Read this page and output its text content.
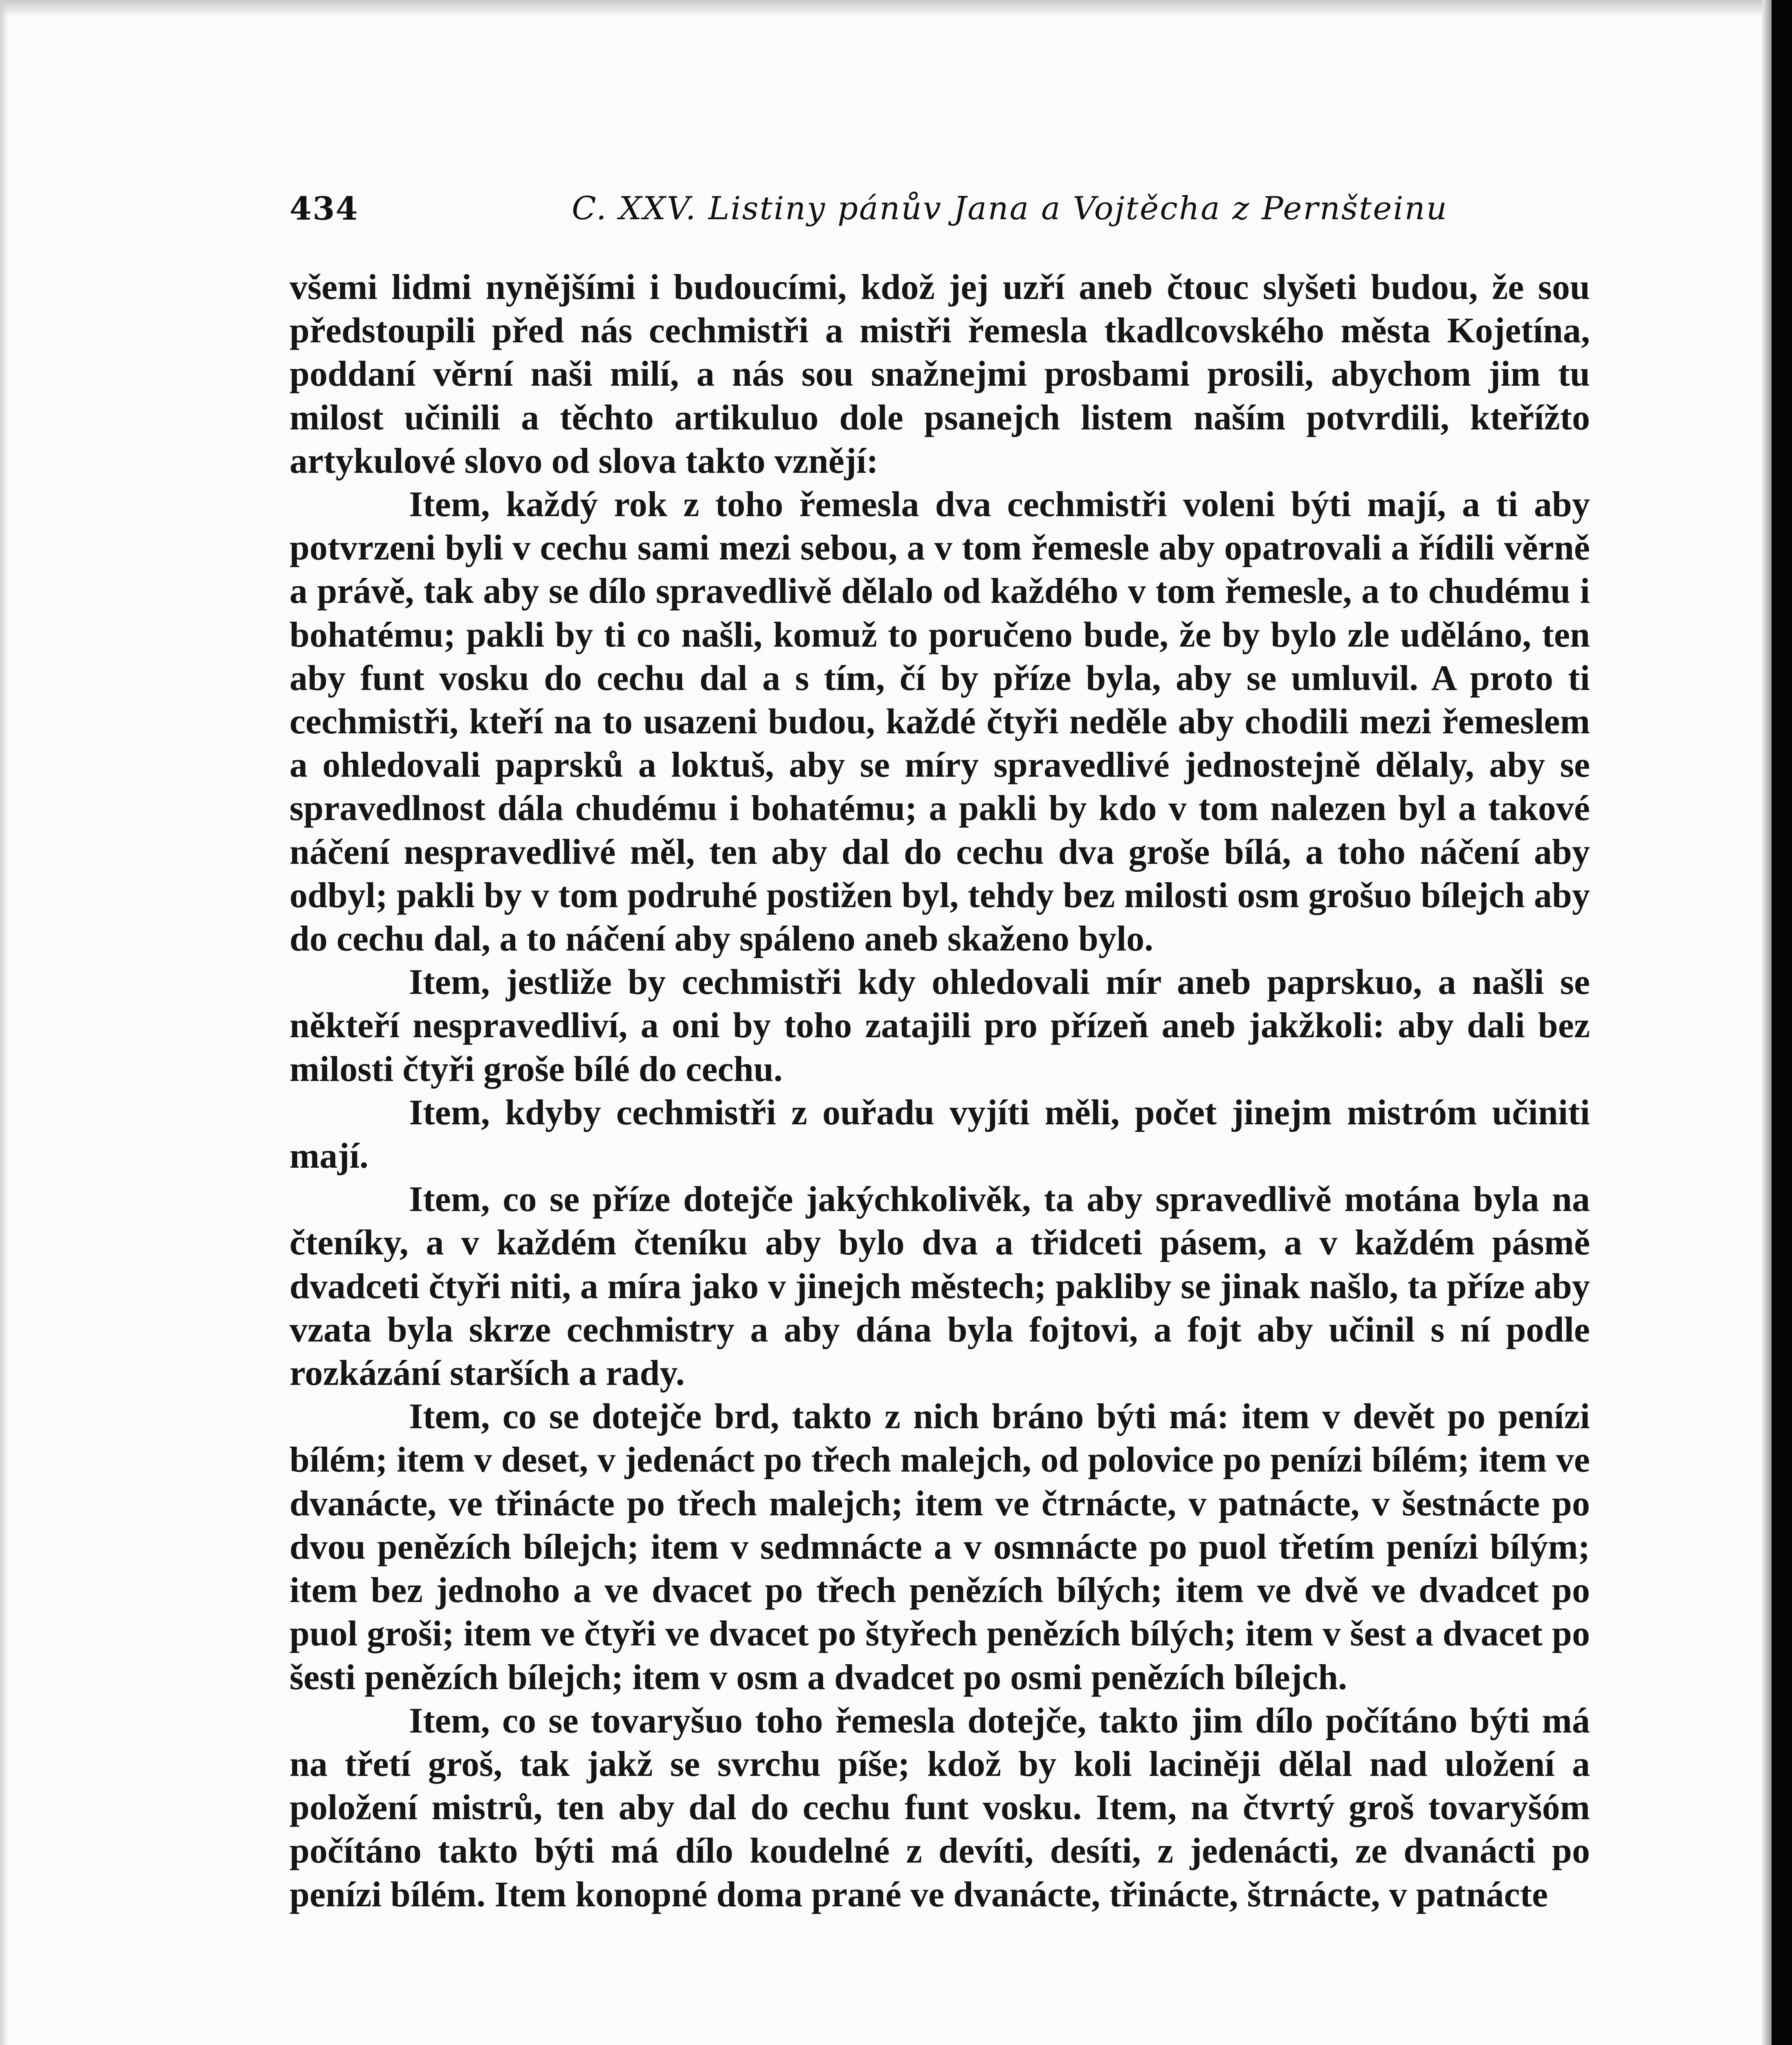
434	C. XXV. Listiny pánův Jana a Vojtěcha z Pernšteinu

všemi lidmi nynějšími i budoucími, kdož jej uzří aneb čtouc slyšeti budou, že sou předstoupili před nás cechmistři a mistři řemesla tkadlcovského města Kojetína, poddaní věrní naši milí, a nás sou snažnejmi prosbami prosili, abychom jim tu milost učinili a těchto artikuluo dole psanejch listem naším potvrdili, kteřížto artykulové slovo od slova takto vznějí:

Item, každý rok z toho řemesla dva cechmistři voleni býti mají, a ti aby potvrzeni byli v cechu sami mezi sebou, a v tom řemesle aby opatrovali a řídili věrně a právě, tak aby se dílo spravedlivě dělalo od každého v tom řemesle, a to chudému i bohatému; pakli by ti co našli, komuž to poručeno bude, že by bylo zle uděláno, ten aby funt vosku do cechu dal a s tím, čí by příze byla, aby se umluvil. A proto ti cechmistři, kteří na to usazeni budou, každé čtyři neděle aby chodili mezi řemeslem a ohledovali paprsků a loktuš, aby se míry spravedlivé jednostejně dělaly, aby se spravedlnost dála chudému i bohatému; a pakli by kdo v tom nalezen byl a takové náčení nespravedlivé měl, ten aby dal do cechu dva groše bílá, a toho náčení aby odbyl; pakli by v tom podruhé postižen byl, tehdy bez milosti osm grošuo bílejch aby do cechu dal, a to náčení aby spáleno aneb skaženo bylo.

Item, jestliže by cechmistři kdy ohledovali mír aneb paprskuo, a našli se někteří nespravedliví, a oni by toho zatajili pro přízeň aneb jakžkoli: aby dali bez milosti čtyři groše bílé do cechu.

Item, kdyby cechmistři z ouřadu vyjíti měli, počet jinejm mistróm učiniti mají.

Item, co se příze dotejče jakýchkolivěk, ta aby spravedlivě motána byla na čteníky, a v každém čteníku aby bylo dva a třidceti pásem, a v každém pásmě dvadceti čtyři niti, a míra jako v jinejch městech; pakliby se jinak našlo, ta příze aby vzata byla skrze cechmistry a aby dána byla fojtovi, a fojt aby učinil s ní podle rozkázání starších a rady.

Item, co se dotejče brd, takto z nich bráno býti má: item v devět po penízi bílém; item v deset, v jedenáct po třech malejch, od polovice po penízi bílém; item ve dvanácte, ve třinácte po třech malejch; item ve čtrnácte, v patnácte, v šestnácte po dvou penězích bílejch; item v sedmnácte a v osmnácte po puol třetím penízi bílým; item bez jednoho a ve dvacet po třech penězích bílých; item ve dvě ve dvadcet po puol groši; item ve čtyři ve dvacet po štyřech penězích bílých; item v šest a dvacet po šesti penězích bílejch; item v osm a dvadcet po osmi penězích bílejch.

Item, co se tovaryšuo toho řemesla dotejče, takto jim dílo počítáno býti má na třetí groš, tak jakž se svrchu píše; kdož by koli laciněji dělal nad uložení a položení mistrů, ten aby dal do cechu funt vosku. Item, na čtvrtý groš tovaryšóm počítáno takto býti má dílo koudelné z devíti, desíti, z jedenácti, ze dvanácti po penízi bílém. Item konopné doma prané ve dvanácte, třinácte, štrnácte, v patnácte
